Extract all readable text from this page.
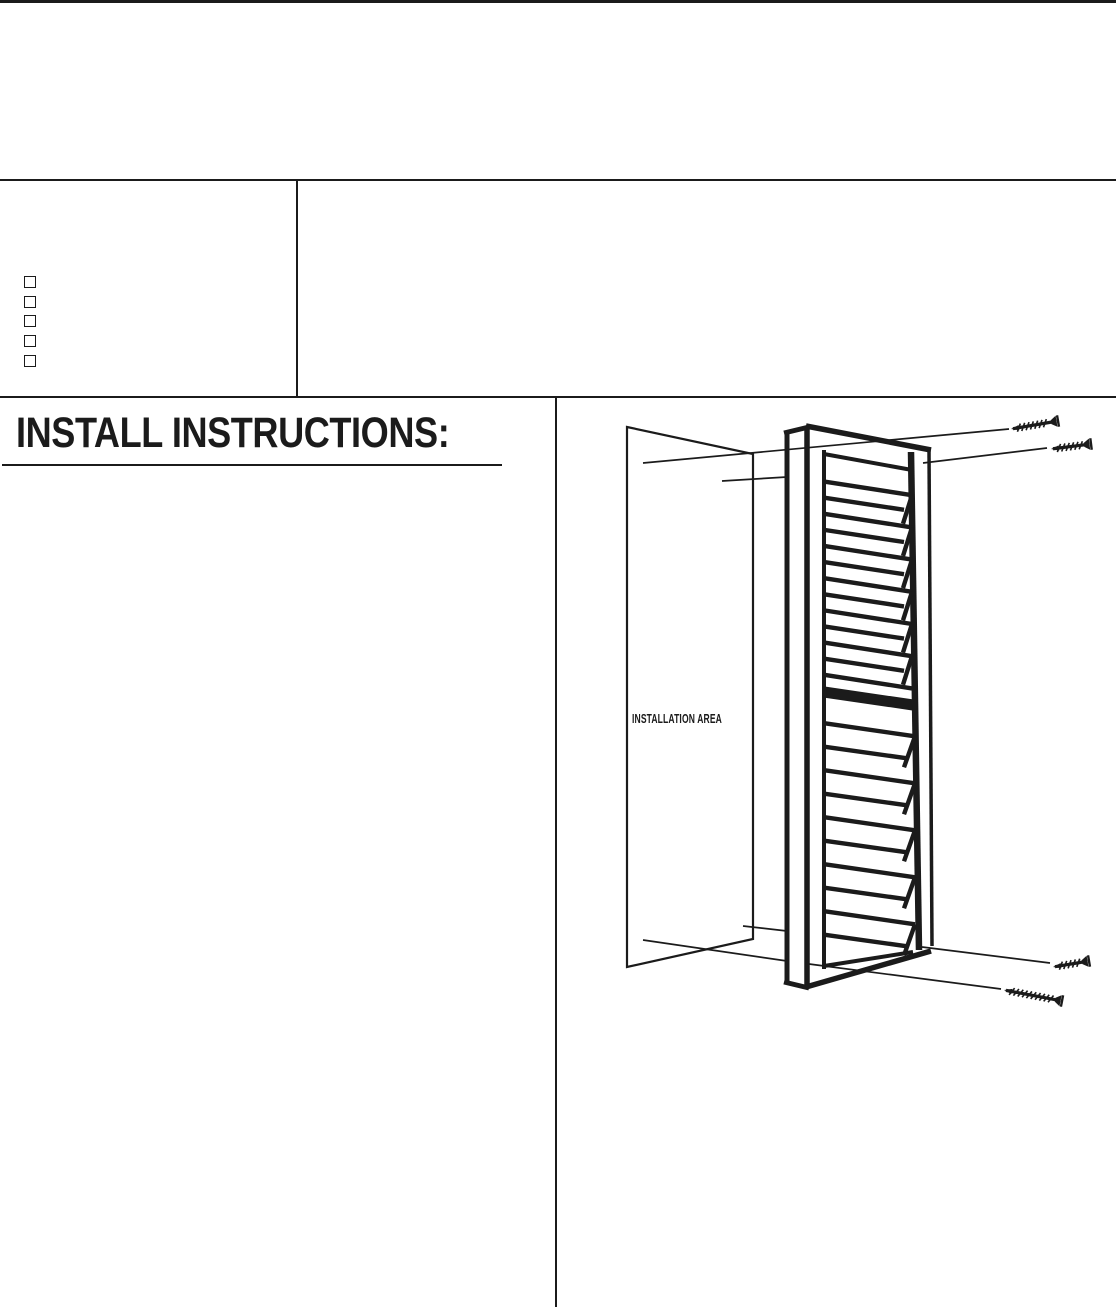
INSTALL INSTRUCTIONS:
INSTALLATION AREA
